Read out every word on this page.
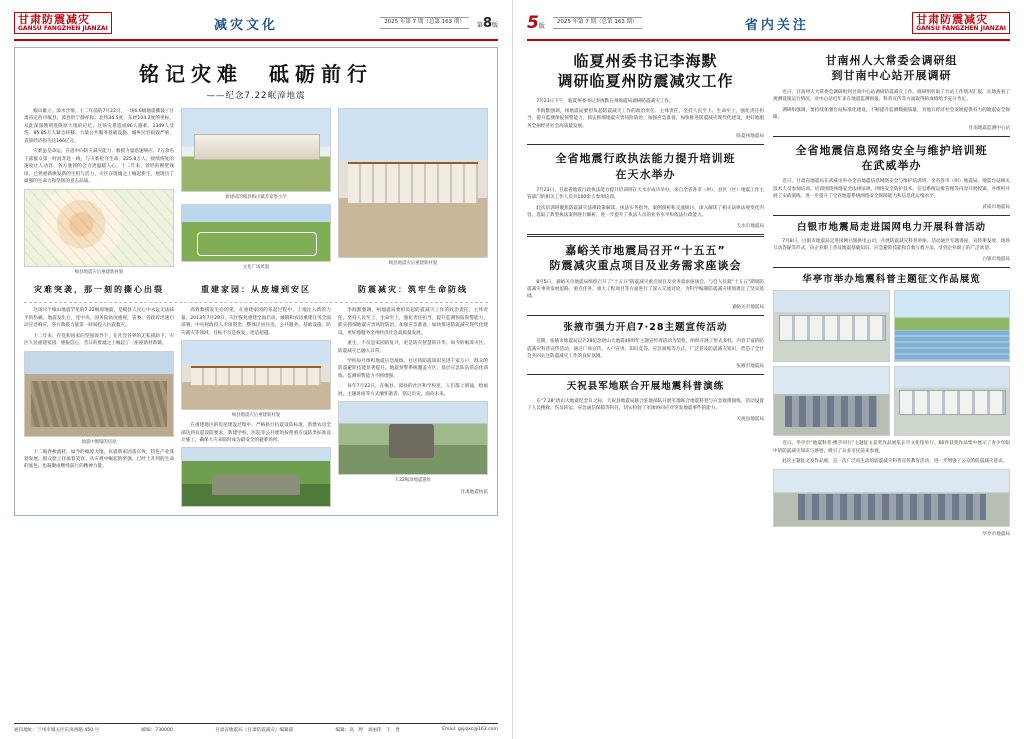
甘肃防震减灾
GANSU FANGZHEN JIANZAI	减灾文化	2025 年第 7 期（总第 163 期）	第8版
铭记灾难　砥砺前行
——纪念7.22岷漳地震

岷山雄立，漳水含情。十二年前的7月22日，一场6.6级地震撕裂了甘肃省定西市岷县、漳县的宁静祥和。北纬34.5度，东经104.2度的坐标，从此深深镌刻进陇原大地的记忆。这场灾难造成96人遇难、1349人受伤、85.85万人紧急转移、大量公共服务基础设施、城乡民宅损毁严重，直接经济损失达166亿元。

灾难虽是命运，在思中向防灾减灾能力、救援力量迅速响应、7万余名干部群众第一时间奔赴一线，与灾难抢夺生命，225.8万人、接续恢复的速度让人动容、各方驰援的合力更温暖人心。十二年来，曾经的断壁残垣，已然重新焕发新的生机与活力，灾区在废墟之上崛起新生，展现出了顽强的生命力和坚韧的意志品质。

岷县地震灾后重建新村貌
新建成的岷县梅川镇苏家堡小学
文化广场风貌
岷县地震灾后重建新村貌
灾难突袭，那一刻的撕心出裂	重建家园：从废墟到安区	防震减灾：筑牢生命防线

这场尽于岷山地震罕见的7.22岷漳地震，是岷县人民心中永远无法抹平的伤痛。地震发生后，党中央、国务院高度重视，省委、省政府迅速启动应急响应，各方救援力量第一时间投入抗震救灾。

十二年来，在党和国家的坚强领导下，在社会各界的无私援助下，灾区人民重建家园、重振信心，昔日的废墟之上崛起了一座座新村新镇。

地震中倒塌的房屋

十二载春秋流转，如今的岷漳大地，抗震新家园落有致，特色产业蓬勃发展，群众脸上洋溢着笑容。从灾难中崛起的坚强，已经上升到的生命的底色，也凝聚成继续前行的精神力量。

高效救援发生必的笔，在重建家园的乐起过程中，土地注入新的力量。2013年7月29日，灾区恢复重建全面启动，城镇和农房重建任务全面部署，中央财政投入专项资金，整体民居住房、公共服务、基础设施、防灾减灾等领域，目标不仅是恢复，更是超越。

岷县地震灾后重建新村貌

在重建地区的房屋建设过程中，严格执行抗震设防标准，新建农房全部达到抗震设防要求，新建学校、医院等公共建筑按照重点设防类标准设计施工，确保大灾来临时成为最安全的避难场所。

李海默强调，州地震局要担负起防震减灾工作的政治责任、主体责任，坚持人民至上、生命至上，强化责任担当，提升监测预报预警能力，抓实抓细地震灾害风险防治，加强应急准备，加快推进防震减灾现代化建设，更好地服务全州经济社会高质量发展。

重生，不仅是家园的复兴，更是防灾智慧的升华。如今的岷漳灾区，防震减灾已融入日常。

学校每月组织地震应急演练，社区将防震知识送进千家万户，群众的防震避险技能显著提升。地震预警系统覆盖灾区，基层应急队伍常态化训练，监测预警能力不断增强。

每年7月22日，在岷县、漳县的社区和学校里，人们都上朗诵、绘画展、主题讲座等方式缅怀逝者、铭记历史、面向未来。

7.22岷漳地震遗址
甘肃地震快讯
通讯地址：兰州市城关区东岗西路 450 号	邮编：730000	甘肃省地震局《甘肃防震减灾》编辑部	编辑：高　婷　刘丽萍　王　贵	Email: gsjsjxc@163.com
5版
2025 年第 7 期（总第 163 期）	省内关注	甘肃防震减灾
GANSU FANGZHEN JIANZAI
临夏州委书记李海默
调研临夏州防震减灾工作

7月23日下午，临夏州委书记李海默在州地震局调研防震减灾工作。

李海默强调，州地震局要担负起防震减灾工作的政治责任、主体责任，坚持人民至上、生命至上，强化责任担当，提升监测预报预警能力，抓实抓细地震灾害风险防治，加强应急准备，加快推进防震减灾现代化建设，更好地服务全州经济社会高质量发展。

临夏州地震局
全省地震行政执法能力提升培训班
在天水举办

7月23日，甘肃省地震行政执法能力提升培训班在天水市成功举办。来自全省各市（州）、县区（区）地震工作主管部门的相关工作人员共100余人参加培训。

此次培训班聚焦防震减灾法规政策解读、执法实务指导、案例剖析和交流研讨，深入解读了相关法律法规变化内容，选取了典型执法案例进行解析，进一步提升了执法人员的业务水平和依法行政能力。

天水市地震局
嘉峪关市地震局召开“十五五”
防震减灾重点项目及业务需求座谈会

8月5日，嘉峪关市地震局组织召开了“十五五”防震减灾重点项目及业务需求座谈会，与会人员就“十五五”期间防震减灾事业发展思路、重点任务、重大工程项目等方面进行了深入交流讨论，为科学编制防震减灾规划奠定了坚实基础。

嘉峪关市地震局
张掖市强力开启7·28主题宣传活动

近期，张掖市地震局以7·28纪念唐山大地震49周年主题宣传周活动为契机，组织开展了形式多样、内容丰富的防震减灾科普宣传活动，通过广场宣传、入户宣讲、知识竞答、应急演练等方式，广泛普及防震减灾知识，营造了全社会共同关注防震减灾工作的良好氛围。

张掖市地震局
天祝县军地联合开展地震科普演练

在“7.28”唐山大地震纪念日之际，天祝县地震局联合驻地部队开展军地联合地震科普与应急救援演练，活动设置了人员搜救、伤员转运、应急通信保障等科目，切实检验了军地协同应对突发地震事件的能力。

天祝县地震局
甘南州人大常委会调研组
到甘南中心站开展调研

近日，甘南州人大常委会调研组到甘南中心站调研防震减灾工作。调研组听取了台站工作情况汇报，实地查看了观测设施运行情况，对中心站近年来在地震监测预报、科普宣传等方面取得的成绩给予充分肯定。

调研组强调，要持续加强台站标准化建设，不断提升监测数据质量，为地方经济社会发展提供有力的地震安全保障。

甘南地震监测中心站
全省地震信息网络安全与维护培训班
在武威举办

近日，甘肃省地震局在武威市举办全省地震信息网络安全与维护培训班，全省各市（州）地震局、地震台站相关技术人员参加培训。培训围绕网络安全法律法规、网络安全防护技术、信息系统运维管理等内容开展授课，并组织开展了实战演练，进一步提升了全省地震系统网络安全保障能力和信息化运维水平。

武威市地震局
白银市地震局走进国网电力开展科普活动

7月8日，白银市地震局走进国网白银供电公司，开展防震减灾科普讲座。活动通过专题讲座、宣传册发放、现场互动答疑等形式，向企业职工普及地震基础知识、应急避险技能和自救互救方法，受到企业职工的广泛欢迎。

白银市地震局
华亭市举办地震科普主题征文作品展览

近日，华亭市“地震科普·携手同行”主题征文获奖作品展览在市文化馆举行。60件获奖作品集中展示了青少年眼中的防震减灾知识与感悟，吸引了众多市民前来参观。

此次主题征文及作品展，是一次广泛而生动的防震减灾科普宣传教育活动，进一步增强了公众的防震减灾意识。

华亭市地震局
